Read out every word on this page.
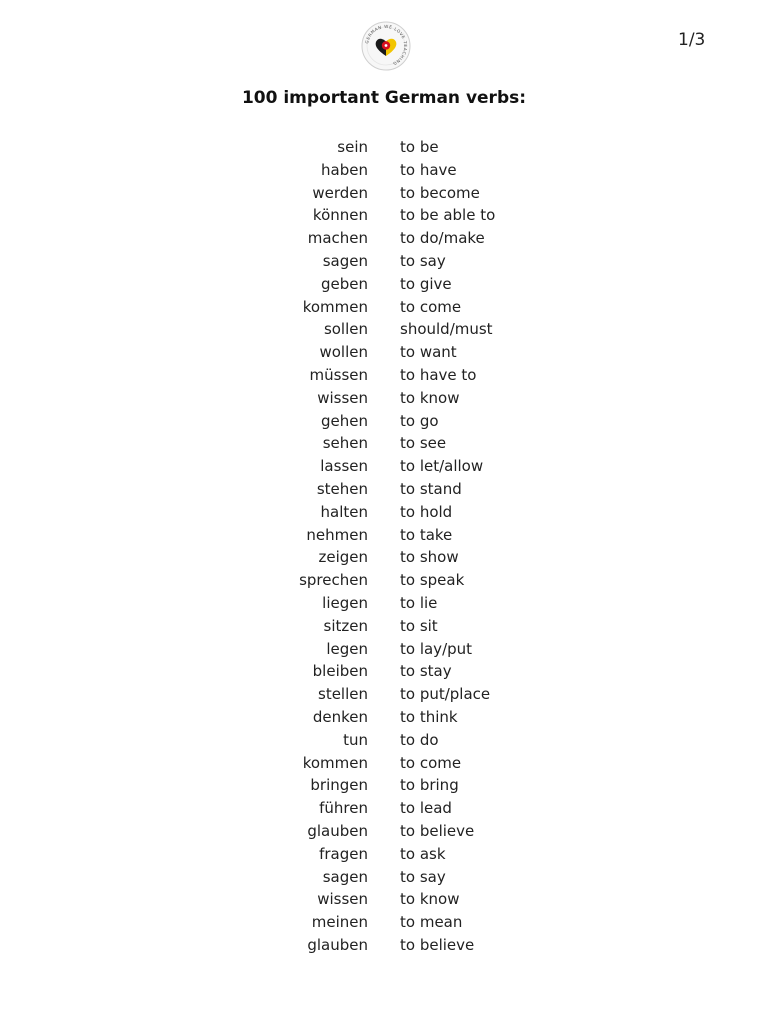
GERMAN WE LOVE TEACHING
1/3
100 important German verbs:
sein to be
haben to have
werden to become
können to be able to
machen to do/make
sagen to say
geben to give
kommen to come
sollen should/must
wollen to want
müssen to have to
wissen to know
gehen to go
sehen to see
lassen to let/allow
stehen to stand
halten to hold
nehmen to take
zeigen to show
sprechen to speak
liegen to lie
sitzen to sit
legen to lay/put
bleiben to stay
stellen to put/place
denken to think
tun to do
kommen to come
bringen to bring
führen to lead
glauben to believe
fragen to ask
sagen to say
wissen to know
meinen to mean
glauben to believe
